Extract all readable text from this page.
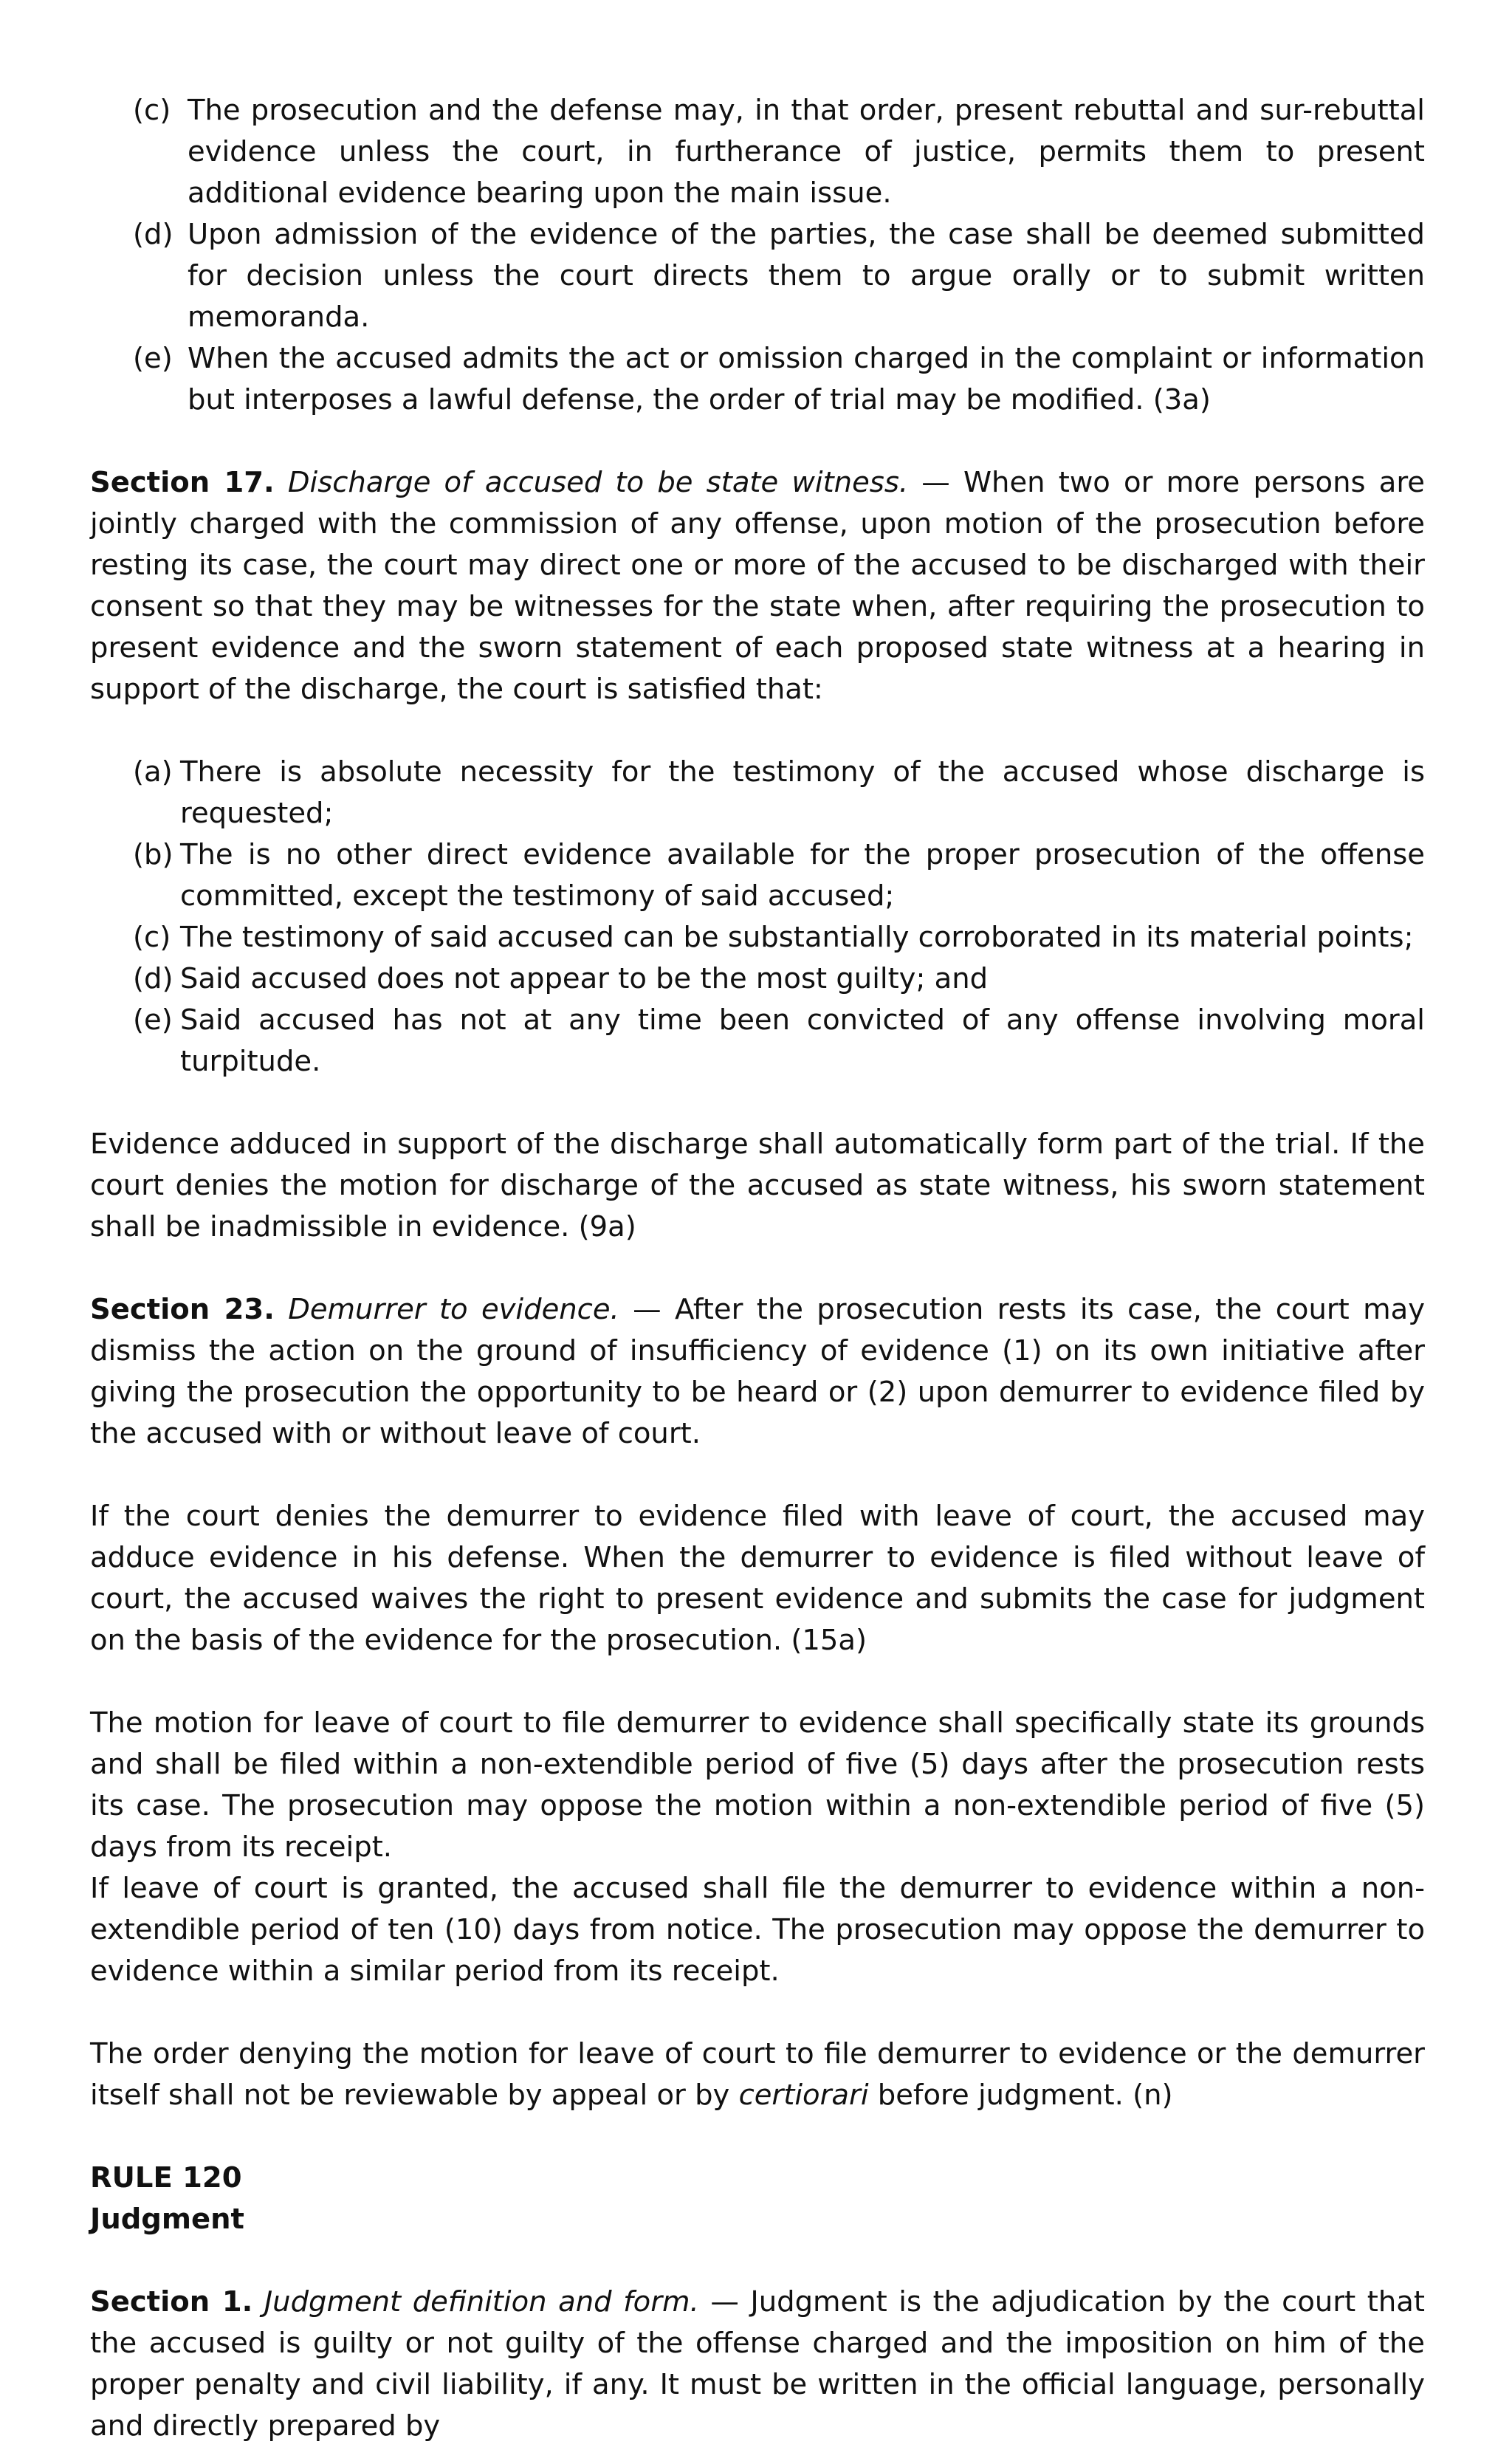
(c) The prosecution and the defense may, in that order, present rebuttal and sur-rebuttal evidence unless the court, in furtherance of justice, permits them to present additional evidence bearing upon the main issue.
(d) Upon admission of the evidence of the parties, the case shall be deemed submitted for decision unless the court directs them to argue orally or to submit written memoranda.
(e) When the accused admits the act or omission charged in the complaint or information but interposes a lawful defense, the order of trial may be modified. (3a)

Section 17. Discharge of accused to be state witness. — When two or more persons are jointly charged with the commission of any offense, upon motion of the prosecution before resting its case, the court may direct one or more of the accused to be discharged with their consent so that they may be witnesses for the state when, after requiring the prosecution to present evidence and the sworn statement of each proposed state witness at a hearing in support of the discharge, the court is satisfied that:

(a) There is absolute necessity for the testimony of the accused whose discharge is requested;
(b) The is no other direct evidence available for the proper prosecution of the offense committed, except the testimony of said accused;
(c) The testimony of said accused can be substantially corroborated in its material points;
(d) Said accused does not appear to be the most guilty; and
(e) Said accused has not at any time been convicted of any offense involving moral turpitude.

Evidence adduced in support of the discharge shall automatically form part of the trial. If the court denies the motion for discharge of the accused as state witness, his sworn statement shall be inadmissible in evidence. (9a)

Section 23. Demurrer to evidence. — After the prosecution rests its case, the court may dismiss the action on the ground of insufficiency of evidence (1) on its own initiative after giving the prosecution the opportunity to be heard or (2) upon demurrer to evidence filed by the accused with or without leave of court.

If the court denies the demurrer to evidence filed with leave of court, the accused may adduce evidence in his defense. When the demurrer to evidence is filed without leave of court, the accused waives the right to present evidence and submits the case for judgment on the basis of the evidence for the prosecution. (15a)

The motion for leave of court to file demurrer to evidence shall specifically state its grounds and shall be filed within a non-extendible period of five (5) days after the prosecution rests its case. The prosecution may oppose the motion within a non-extendible period of five (5) days from its receipt.

If leave of court is granted, the accused shall file the demurrer to evidence within a non-extendible period of ten (10) days from notice. The prosecution may oppose the demurrer to evidence within a similar period from its receipt.

The order denying the motion for leave of court to file demurrer to evidence or the demurrer itself shall not be reviewable by appeal or by certiorari before judgment. (n)

RULE 120

Judgment

Section 1. Judgment definition and form. — Judgment is the adjudication by the court that the accused is guilty or not guilty of the offense charged and the imposition on him of the proper penalty and civil liability, if any. It must be written in the official language, personally and directly prepared by
